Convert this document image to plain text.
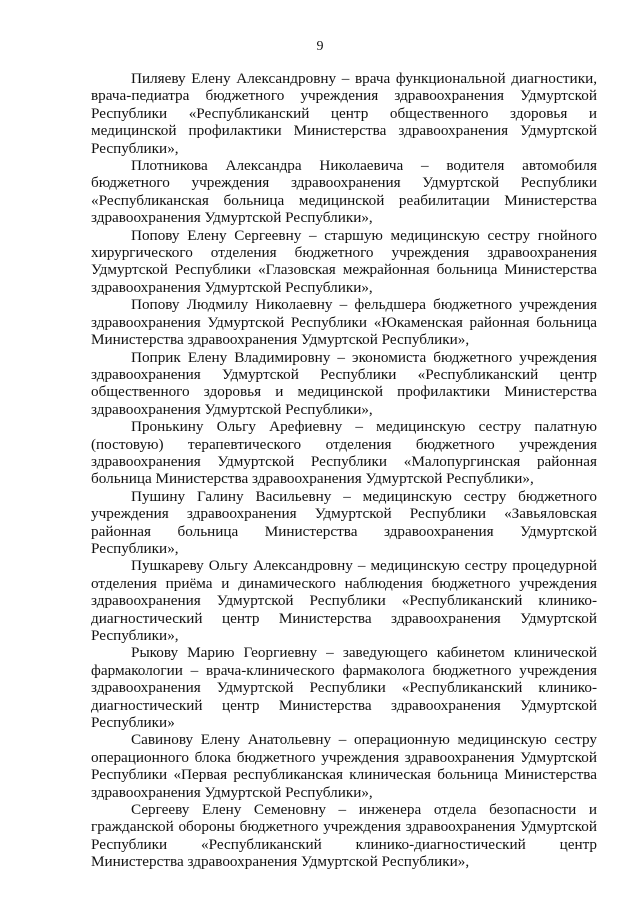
9

Пиляеву Елену Александровну – врача функциональной диагностики, врача-педиатра бюджетного учреждения здравоохранения Удмуртской Республики «Республиканский центр общественного здоровья и медицинской профилактики Министерства здравоохранения Удмуртской Республики»,

Плотникова Александра Николаевича – водителя автомобиля бюджетного учреждения здравоохранения Удмуртской Республики «Республиканская больница медицинской реабилитации Министерства здравоохранения Удмуртской Республики»,

Попову Елену Сергеевну – старшую медицинскую сестру гнойного хирургического отделения бюджетного учреждения здравоохранения Удмуртской Республики «Глазовская межрайонная больница Министерства здравоохранения Удмуртской Республики»,

Попову Людмилу Николаевну – фельдшера бюджетного учреждения здравоохранения Удмуртской Республики «Юкаменская районная больница Министерства здравоохранения Удмуртской Республики»,

Поприк Елену Владимировну – экономиста бюджетного учреждения здравоохранения Удмуртской Республики «Республиканский центр общественного здоровья и медицинской профилактики Министерства здравоохранения Удмуртской Республики»,

Пронькину Ольгу Арефиевну – медицинскую сестру палатную (постовую) терапевтического отделения бюджетного учреждения здравоохранения Удмуртской Республики «Малопургинская районная больница Министерства здравоохранения Удмуртской Республики»,

Пушину Галину Васильевну – медицинскую сестру бюджетного учреждения здравоохранения Удмуртской Республики «Завьяловская районная больница Министерства здравоохранения Удмуртской Республики»,

Пушкареву Ольгу Александровну – медицинскую сестру процедурной отделения приёма и динамического наблюдения бюджетного учреждения здравоохранения Удмуртской Республики «Республиканский клинико-диагностический центр Министерства здравоохранения Удмуртской Республики»,

Рыкову Марию Георгиевну – заведующего кабинетом клинической фармакологии – врача-клинического фармаколога бюджетного учреждения здравоохранения Удмуртской Республики «Республиканский клинико-диагностический центр Министерства здравоохранения Удмуртской Республики»

Савинову Елену Анатольевну – операционную медицинскую сестру операционного блока бюджетного учреждения здравоохранения Удмуртской Республики «Первая республиканская клиническая больница Министерства здравоохранения Удмуртской Республики»,

Сергееву Елену Семеновну – инженера отдела безопасности и гражданской обороны бюджетного учреждения здравоохранения Удмуртской Республики «Республиканский клинико-диагностический центр Министерства здравоохранения Удмуртской Республики»,
